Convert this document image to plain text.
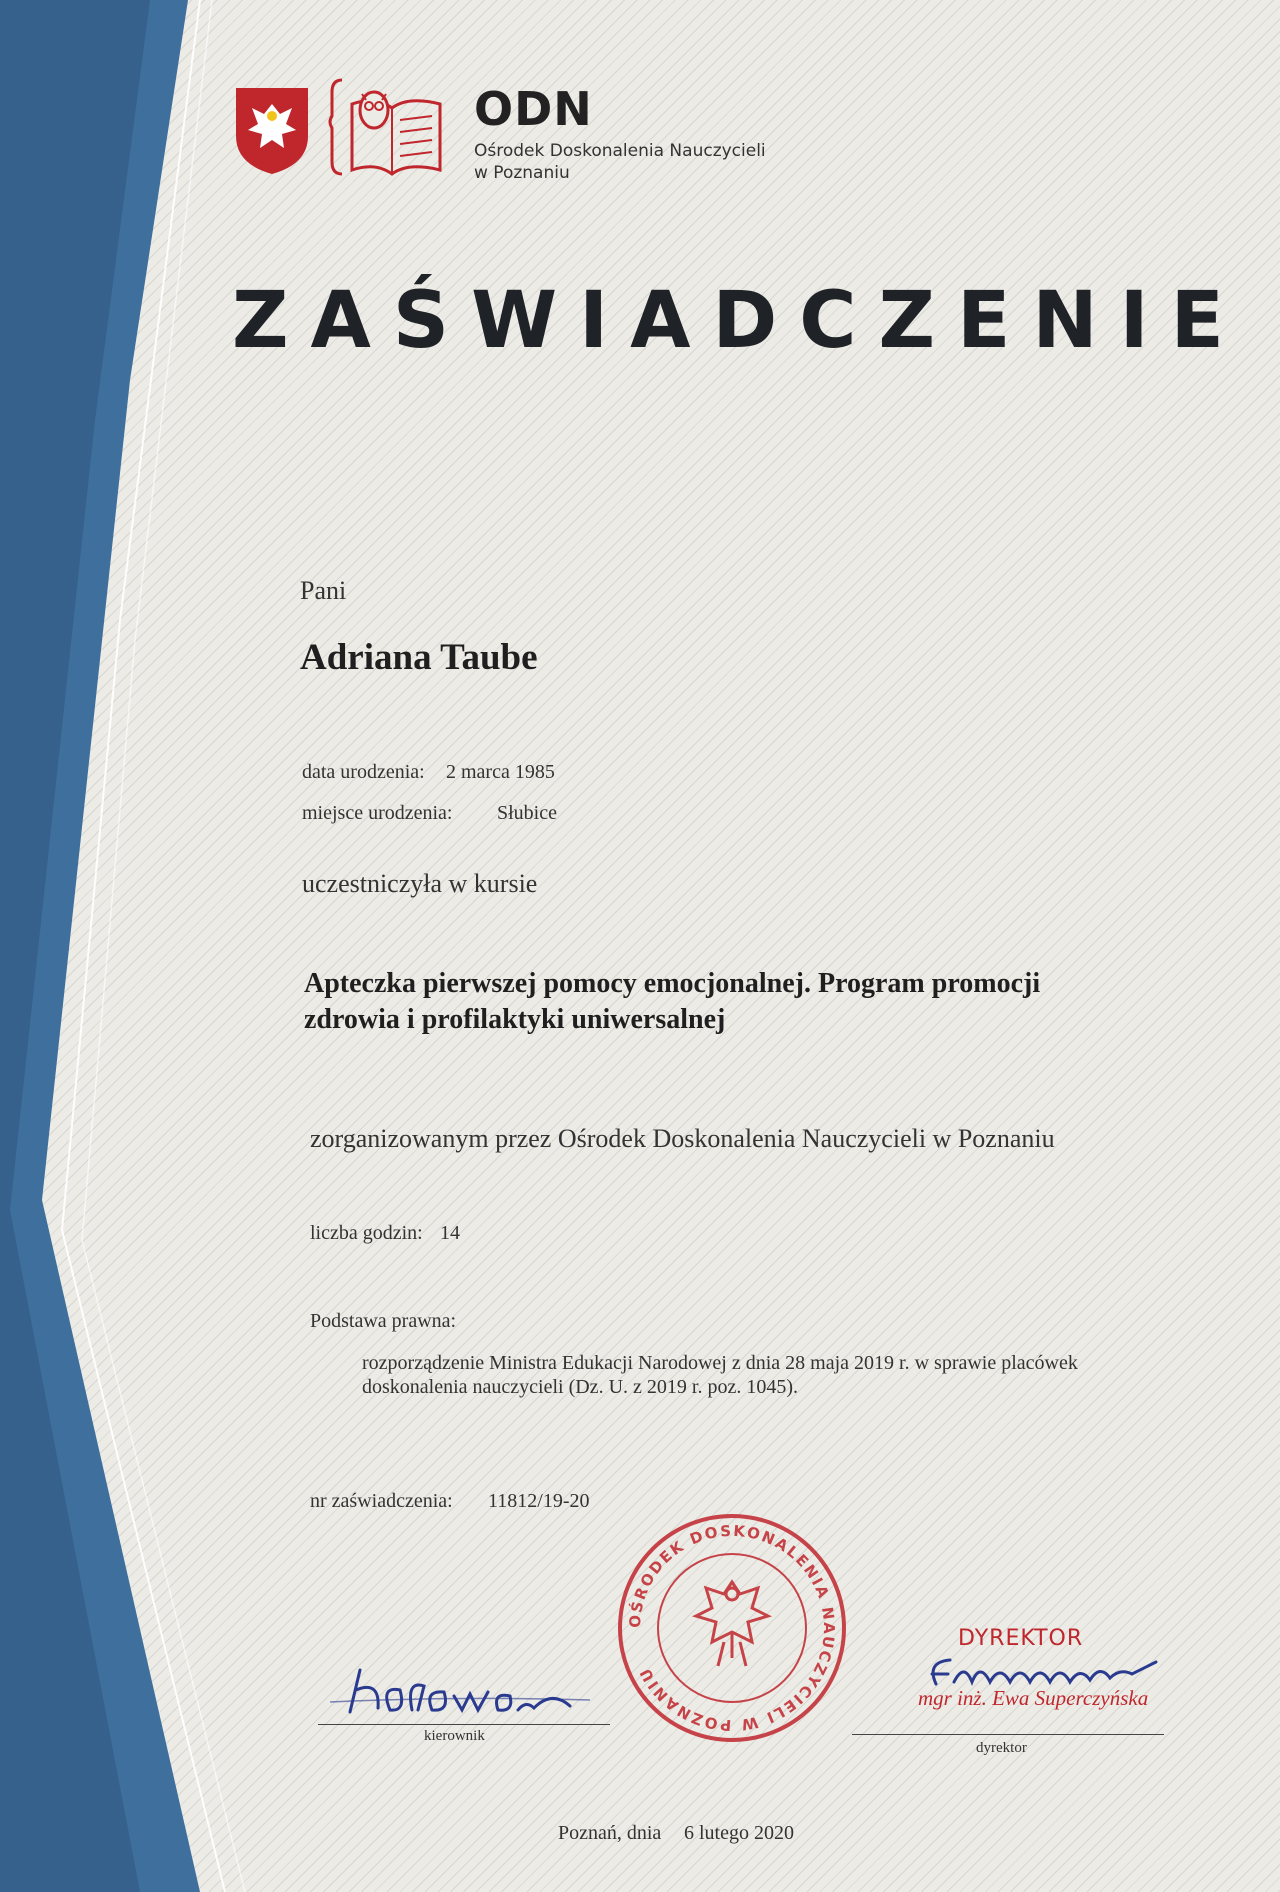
ODN
Ośrodek Doskonalenia Nauczycieli
w Poznaniu
ZAŚWIADCZENIE
Pani
Adriana Taube
data urodzenia: 2 marca 1985
miejsce urodzenia: Słubice
uczestniczyła w kursie
Apteczka pierwszej pomocy emocjonalnej. Program promocji
zdrowia i profilaktyki uniwersalnej
zorganizowanym przez Ośrodek Doskonalenia Nauczycieli w Poznaniu
liczba godzin: 14
Podstawa prawna:
rozporządzenie Ministra Edukacji Narodowej z dnia 28 maja 2019 r. w sprawie placówek
doskonalenia nauczycieli (Dz. U. z 2019 r. poz. 1045).
nr zaświadczenia: 11812/19-20
OŚRODEK DOSKONALENIA NAUCZYCIELI W POZNANIU
kierownik
DYREKTOR
mgr inż. Ewa Superczyńska
dyrektor
Poznań, dnia 6 lutego 2020
